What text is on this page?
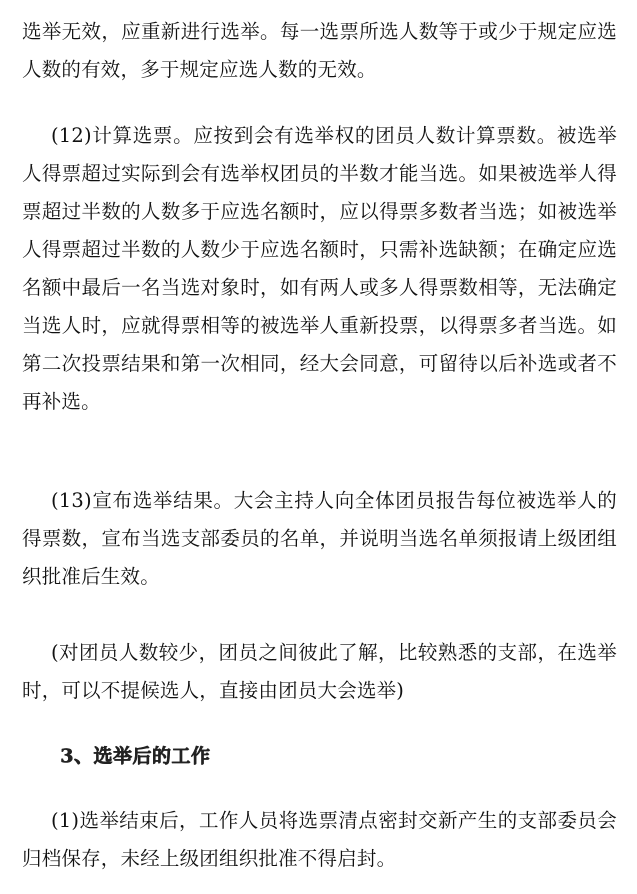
选举无效，应重新进行选举。每一选票所选人数等于或少于规定应选人数的有效，多于规定应选人数的无效。

(12)计算选票。应按到会有选举权的团员人数计算票数。被选举人得票超过实际到会有选举权团员的半数才能当选。如果被选举人得票超过半数的人数多于应选名额时，应以得票多数者当选；如被选举人得票超过半数的人数少于应选名额时，只需补选缺额；在确定应选名额中最后一名当选对象时，如有两人或多人得票数相等，无法确定当选人时，应就得票相等的被选举人重新投票，以得票多者当选。如第二次投票结果和第一次相同，经大会同意，可留待以后补选或者不再补选。

(13)宣布选举结果。大会主持人向全体团员报告每位被选举人的得票数，宣布当选支部委员的名单，并说明当选名单须报请上级团组织批准后生效。

(对团员人数较少，团员之间彼此了解，比较熟悉的支部，在选举时，可以不提候选人，直接由团员大会选举)

3、选举后的工作

(1)选举结束后，工作人员将选票清点密封交新产生的支部委员会归档保存，未经上级团组织批准不得启封。
